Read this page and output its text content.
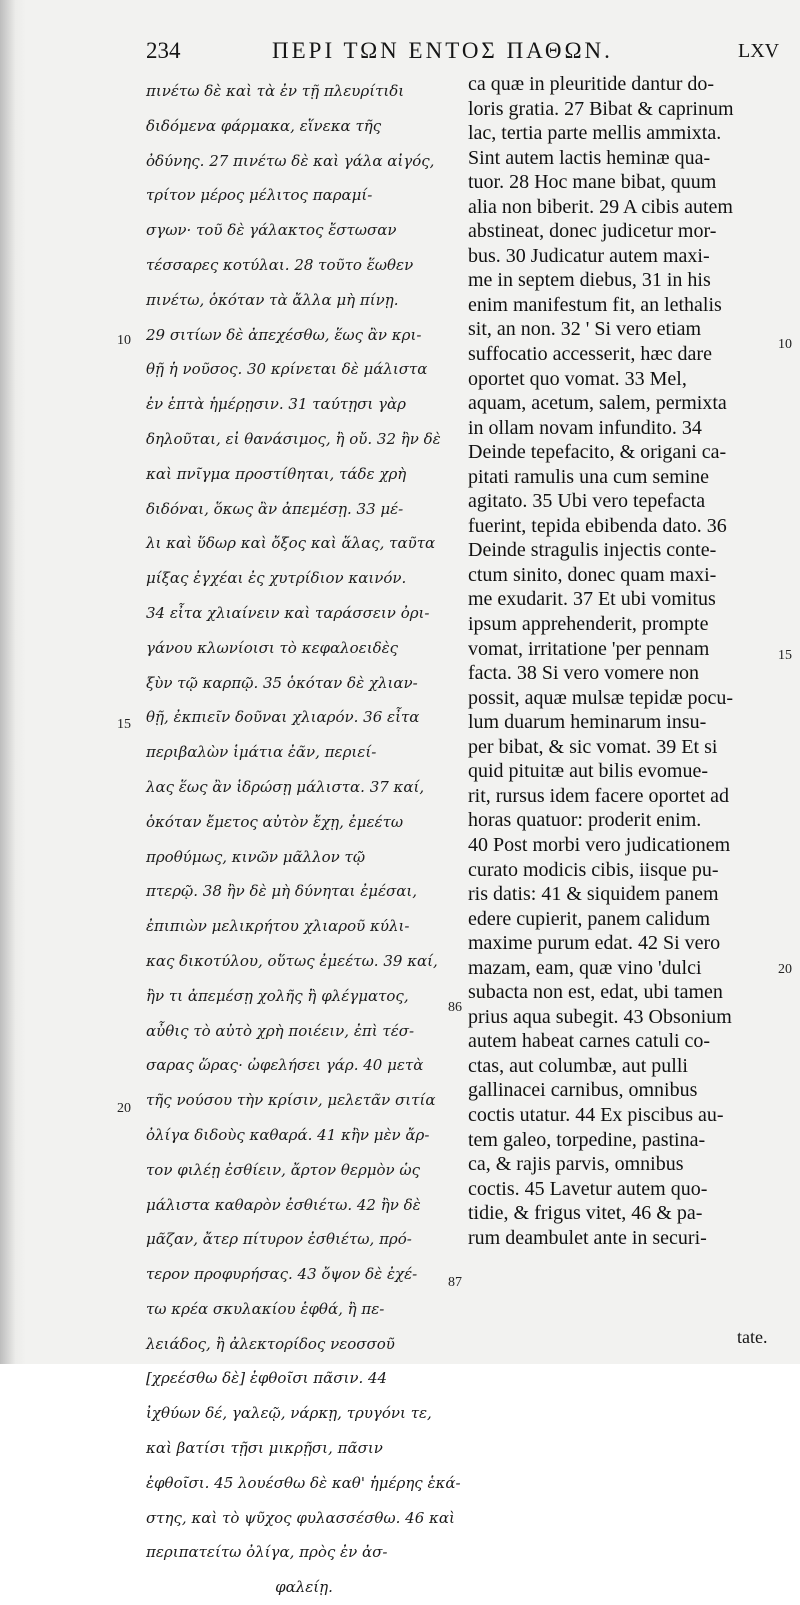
234	ΠΕΡΙ ΤΩΝ ΕΝΤΟΣ ΠΑΘΩΝ.	LXV
πινέτω δὲ καὶ τὰ ἐν τῇ πλευρίτιδι
διδόμενα φάρμακα, εἵνεκα τῆς
ὀδύνης. 27 πινέτω δὲ καὶ γάλα αἰγός,
τρίτον μέρος μέλιτος παραμί-
σγων· τοῦ δὲ γάλακτος ἔστωσαν
τέσσαρες κοτύλαι. 28 τοῦτο ἕωθεν
πινέτω, ὁκόταν τὰ ἄλλα μὴ πίνῃ.
29 σιτίων δὲ ἀπεχέσθω, ἕως ἂν κρι-
θῇ ἡ νοῦσος. 30 κρίνεται δὲ μάλιστα
ἐν ἑπτὰ ἡμέρῃσιν. 31 ταύτῃσι γὰρ
δηλοῦται, εἰ θανάσιμος, ἢ οὔ. 32 ἢν δὲ
καὶ πνῖγμα προστίθηται, τάδε χρὴ
διδόναι, ὅκως ἂν ἀπεμέσῃ. 33 μέ-
λι καὶ ὕδωρ καὶ ὄξος καὶ ἅλας, ταῦτα
μίξας ἐγχέαι ἐς χυτρίδιον καινόν.
34 εἶτα χλιαίνειν καὶ ταράσσειν ὀρι-
γάνου κλωνίοισι τὸ κεφαλοειδὲς
ξὺν τῷ καρπῷ. 35 ὁκόταν δὲ χλιαν-
θῇ, ἐκπιεῖν δοῦναι χλιαρόν. 36 εἶτα
περιβαλὼν ἱμάτια ἐᾶν, περιεί-
λας ἕως ἂν ἱδρώσῃ μάλιστα. 37 καί,
ὁκόταν ἔμετος αὐτὸν ἔχῃ, ἐμεέτω
προθύμως, κινῶν μᾶλλον τῷ
πτερῷ. 38 ἢν δὲ μὴ δύνηται ἐμέσαι,
ἐπιπιὼν μελικρήτου χλιαροῦ κύλι-
κας δικοτύλου, οὕτως ἐμεέτω. 39 καί,
ἢν τι ἀπεμέσῃ χολῆς ἢ φλέγματος,
αὖθις τὸ αὐτὸ χρὴ ποιέειν, ἐπὶ τέσ-
σαρας ὥρας· ὠφελήσει γάρ. 40 μετὰ
τῆς νούσου τὴν κρίσιν, μελετᾶν σιτία
ὀλίγα διδοὺς καθαρά. 41 κἢν μὲν ἄρ-
τον φιλέῃ ἐσθίειν, ἄρτον θερμὸν ὡς
μάλιστα καθαρὸν ἐσθιέτω. 42 ἢν δὲ
μᾶζαν, ἄτερ πίτυρον ἐσθιέτω, πρό-
τερον προφυρήσας. 43 ὄψον δὲ ἐχέ-
τω κρέα σκυλακίου ἑφθά, ἢ πε-
λειάδος, ἢ ἀλεκτορίδος νεοσσοῦ
[χρεέσθω δὲ] ἑφθοῖσι πᾶσιν. 44
ἰχθύων δέ, γαλεῷ, νάρκῃ, τρυγόνι τε,
καὶ βατίσι τῇσι μικρῇσι, πᾶσιν
ἑφθοῖσι. 45 λουέσθω δὲ καθ' ἡμέρης ἑκά-
στης, καὶ τὸ ψῦχος φυλασσέσθω. 46 καὶ
περιπατείτω ὀλίγα, πρὸς ἐν ἀσ-
φαλείῃ.
ca quæ in pleuritide dantur do-
loris gratia. 27 Bibat & caprinum
lac, tertia parte mellis ammixta.
Sint autem lactis heminæ qua-
tuor. 28 Hoc mane bibat, quum
alia non biberit. 29 A cibis autem
abstineat, donec judicetur mor-
bus. 30 Judicatur autem maxi-
me in septem diebus, 31 in his
enim manifestum fit, an lethalis
sit, an non. 32 ' Si vero etiam
suffocatio accesserit, hæc dare
oportet quo vomat. 33 Mel,
aquam, acetum, salem, permixta
in ollam novam infundito. 34
Deinde tepefacito, & origani ca-
pitati ramulis una cum semine
agitato. 35 Ubi vero tepefacta
fuerint, tepida ebibenda dato. 36
Deinde stragulis injectis conte-
ctum sinito, donec quam maxi-
me exudarit. 37 Et ubi vomitus
ipsum apprehenderit, prompte
vomat, irritatione 'per pennam
facta. 38 Si vero vomere non
possit, aquæ mulsæ tepidæ pocu-
lum duarum heminarum insu-
per bibat, & sic vomat. 39 Et si
quid pituitæ aut bilis evomue-
rit, rursus idem facere oportet ad
horas quatuor: proderit enim.
40 Post morbi vero judicationem
curato modicis cibis, iisque pu-
ris datis: 41 & siquidem panem
edere cupierit, panem calidum
maxime purum edat. 42 Si vero
mazam, eam, quæ vino 'dulci
subacta non est, edat, ubi tamen
prius aqua subegit. 43 Obsonium
autem habeat carnes catuli co-
ctas, aut columbæ, aut pulli
gallinacei carnibus, omnibus
coctis utatur. 44 Ex piscibus au-
tem galeo, torpedine, pastina-
ca, & rajis parvis, omnibus
coctis. 45 Lavetur autem quo-
tidie, & frigus vitet, 46 & pa-
rum deambulet ante in securi-
10
15
20
10
15
20
86
87
tate.
